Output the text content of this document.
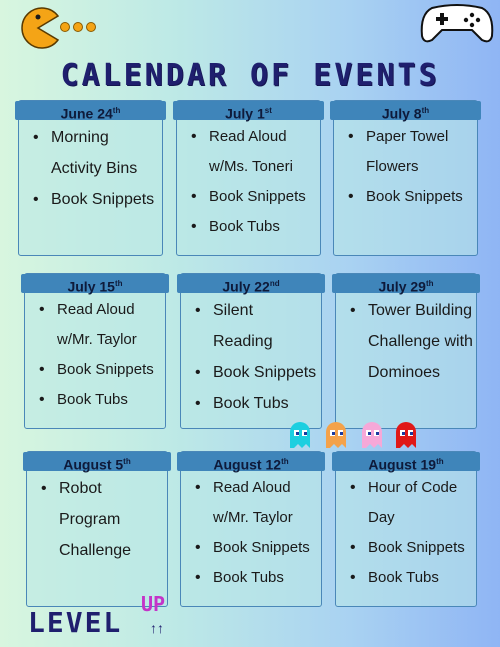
CALENDAR OF EVENTS
June 24th
• Morning
Activity Bins
• Book Snippets
July 1st
• Read Aloud
w/Ms. Toneri
• Book Snippets
• Book Tubs
July 8th
• Paper Towel
Flowers
• Book Snippets
July 15th
• Read Aloud
w/Mr. Taylor
• Book Snippets
• Book Tubs
July 22nd
• Silent
Reading
• Book Snippets
• Book Tubs
July 29th
• Tower Building
Challenge with
Dominoes
August 5th
• Robot
Program
Challenge
August 12th
• Read Aloud
w/Mr. Taylor
• Book Snippets
• Book Tubs
August 19th
• Hour of Code
Day
• Book Snippets
• Book Tubs
LEVEL
UP
↑↑
